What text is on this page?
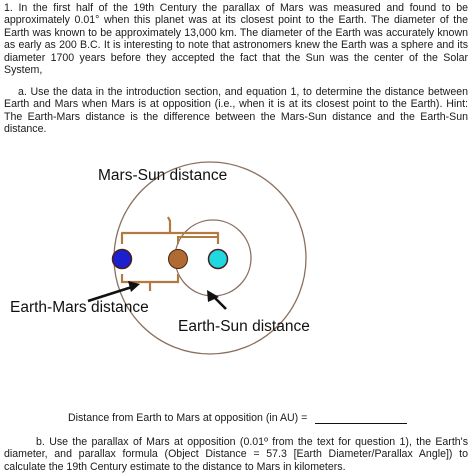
1. In the first half of the 19th Century the parallax of Mars was measured and found to be approximately 0.01° when this planet was at its closest point to the Earth. The diameter of the Earth was known to be approximately 13,000 km. The diameter of the Earth was accurately known as early as 200 B.C. It is interesting to note that astronomers knew the Earth was a sphere and its diameter 1700 years before they accepted the fact that the Sun was the center of the Solar System,

a. Use the data in the introduction section, and equation 1, to determine the distance between Earth and Mars when Mars is at opposition (i.e., when it is at its closest point to the Earth). Hint: The Earth-Mars distance is the difference between the Mars-Sun distance and the Earth-Sun distance.

Mars-Sun distance

Earth-Mars distance

Earth-Sun distance

Distance from Earth to Mars at opposition (in AU) =

b. Use the parallax of Mars at opposition (0.01º from the text for question 1), the Earth's diameter, and parallax formula (Object Distance = 57.3 [Earth Diameter/Parallax Angle]) to calculate the 19th Century estimate to the distance to Mars in kilometers.
